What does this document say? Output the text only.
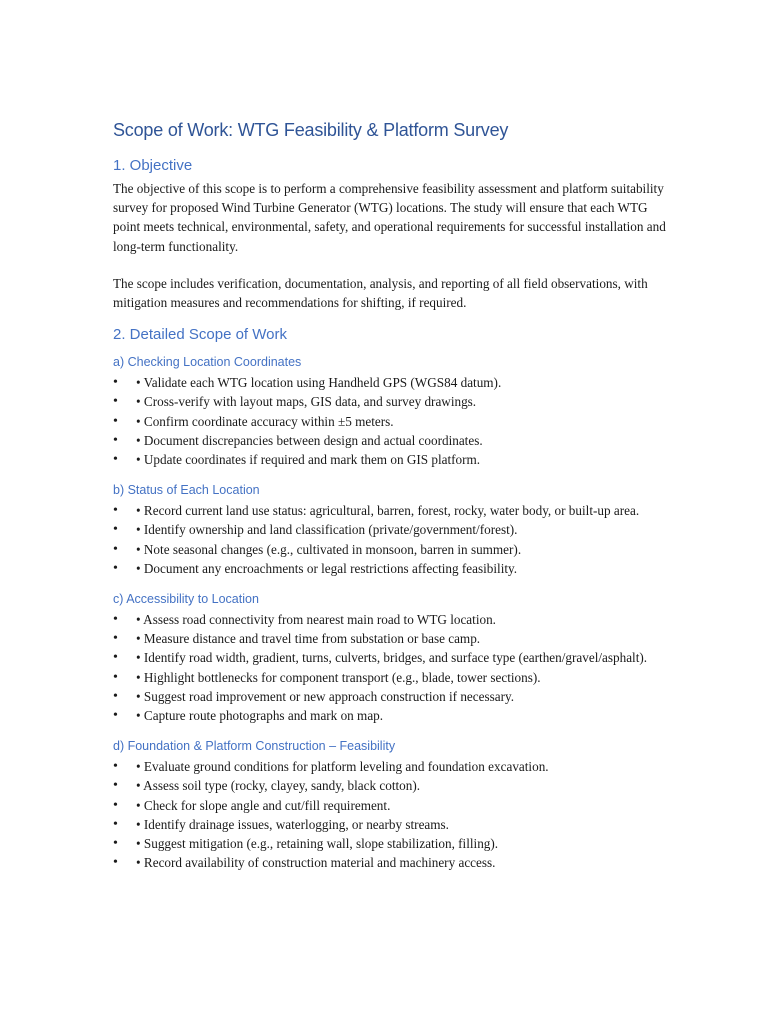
Scope of Work: WTG Feasibility & Platform Survey
1. Objective

The objective of this scope is to perform a comprehensive feasibility assessment and platform suitability survey for proposed Wind Turbine Generator (WTG) locations. The study will ensure that each WTG point meets technical, environmental, safety, and operational requirements for successful installation and long-term functionality.

The scope includes verification, documentation, analysis, and reporting of all field observations, with mitigation measures and recommendations for shifting, if required.

2. Detailed Scope of Work
a) Checking Location Coordinates
• • Validate each WTG location using Handheld GPS (WGS84 datum).
• • Cross-verify with layout maps, GIS data, and survey drawings.
• • Confirm coordinate accuracy within ±5 meters.
• • Document discrepancies between design and actual coordinates.
• • Update coordinates if required and mark them on GIS platform.
b) Status of Each Location
• • Record current land use status: agricultural, barren, forest, rocky, water body, or built-up area.
• • Identify ownership and land classification (private/government/forest).
• • Note seasonal changes (e.g., cultivated in monsoon, barren in summer).
• • Document any encroachments or legal restrictions affecting feasibility.
c) Accessibility to Location
• • Assess road connectivity from nearest main road to WTG location.
• • Measure distance and travel time from substation or base camp.
• • Identify road width, gradient, turns, culverts, bridges, and surface type (earthen/gravel/asphalt).
• • Highlight bottlenecks for component transport (e.g., blade, tower sections).
• • Suggest road improvement or new approach construction if necessary.
• • Capture route photographs and mark on map.
d) Foundation & Platform Construction – Feasibility
• • Evaluate ground conditions for platform leveling and foundation excavation.
• • Assess soil type (rocky, clayey, sandy, black cotton).
• • Check for slope angle and cut/fill requirement.
• • Identify drainage issues, waterlogging, or nearby streams.
• • Suggest mitigation (e.g., retaining wall, slope stabilization, filling).
• • Record availability of construction material and machinery access.
